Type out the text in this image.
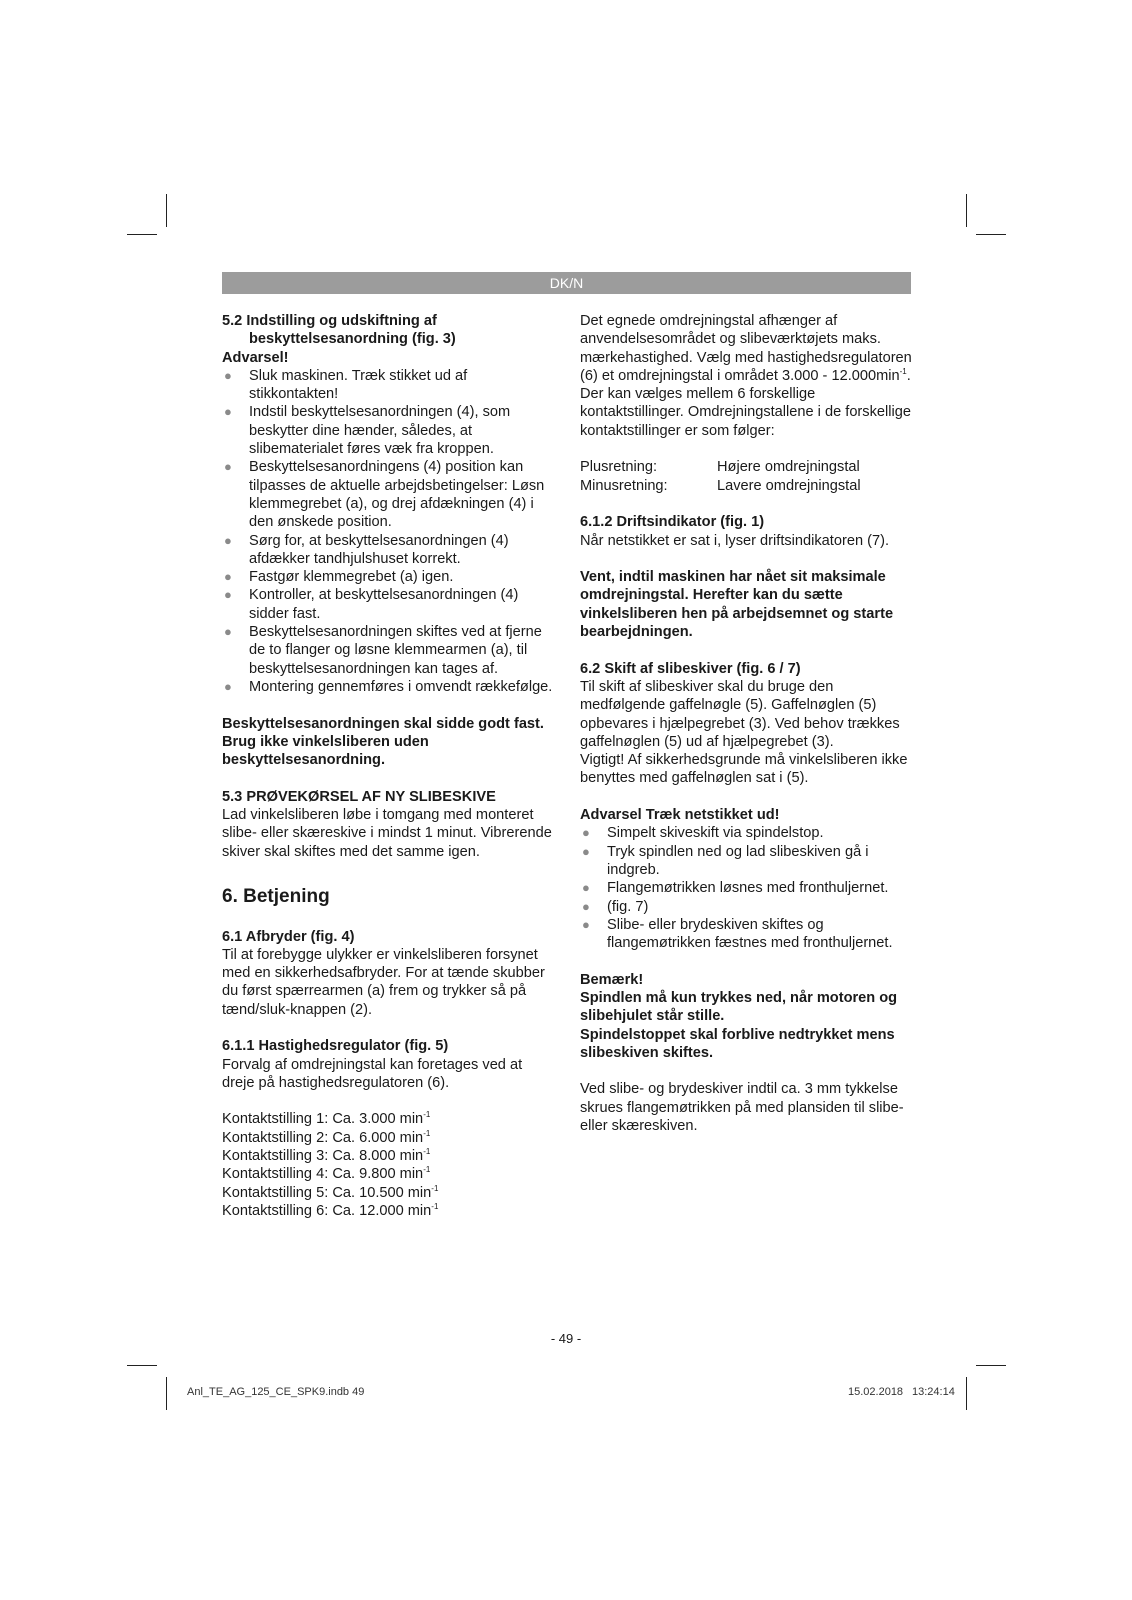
DK/N

5.2 Indstilling og udskiftning af

beskyttelsesanordning (fig. 3)

Advarsel!

● Sluk maskinen. Træk stikket ud af stikkontakten!
● Indstil beskyttelsesanordningen (4), som beskytter dine hænder, således, at slibematerialet føres væk fra kroppen.
● Beskyttelsesanordningens (4) position kan tilpasses de aktuelle arbejdsbetingelser: Løsn klemmegrebet (a), og drej afdækningen (4) i den ønskede position.
● Sørg for, at beskyttelsesanordningen (4) afdækker tandhjulshuset korrekt.
● Fastgør klemmegrebet (a) igen.
● Kontroller, at beskyttelsesanordningen (4) sidder fast.
● Beskyttelsesanordningen skiftes ved at fjerne de to flanger og løsne klemmearmen (a), til beskyttelsesanordningen kan tages af.
● Montering gennemføres i omvendt rækkefølge.

Beskyttelsesanordningen skal sidde godt fast.

Brug ikke vinkelsliberen uden beskyttelsesanordning.

5.3 PRØVEKØRSEL AF NY SLIBESKIVE

Lad vinkelsliberen løbe i tomgang med monteret slibe- eller skæreskive i mindst 1 minut. Vibrerende skiver skal skiftes med det samme igen.

6. Betjening

6.1 Afbryder (fig. 4)

Til at forebygge ulykker er vinkelsliberen forsynet med en sikkerhedsafbryder. For at tænde skubber du først spærrearmen (a) frem og trykker så på tænd/sluk-knappen (2).

6.1.1 Hastighedsregulator (fig. 5)

Forvalg af omdrejningstal kan foretages ved at dreje på hastighedsregulatoren (6).

Kontaktstilling 1: Ca. 3.000 $\min^{-1}$

Kontaktstilling 2: Ca. 6.000 $\min^{-1}$

Kontaktstilling 3: Ca. 8.000 $\min^{-1}$

Kontaktstilling 4: Ca. 9.800 $\min^{-1}$

Kontaktstilling 5: Ca. 10.500 $\min^{-1}$

Kontaktstilling 6: Ca. 12.000 $\min^{-1}$

Det egnede omdrejningstal afhænger af anvendelsesområdet og slibeværktøjets maks. mærkehastighed. Vælg med hastighedsregulatoren (6) et omdrejningstal i området $3.000 - 12.000\min^{-1}$. Der kan vælges mellem 6 forskellige kontaktstillinger. Omdrejningstallene i de forskellige kontaktstillinger er som følger:

Plusretning:	Højere omdrejningstal
Minusretning:	Lavere omdrejningstal

6.1.2 Driftsindikator (fig. 1)

Når netstikket er sat i, lyser driftsindikatoren (7).

Vent, indtil maskinen har nået sit maksimale omdrejningstal. Herefter kan du sætte vinkelsliberen hen på arbejdsemnet og starte bearbejdningen.

6.2 Skift af slibeskiver (fig. 6 / 7)

Til skift af slibeskiver skal du bruge den medfølgende gaffelnøgle (5). Gaffelnøglen (5) opbevares i hjælpegrebet (3). Ved behov trækkes gaffelnøglen (5) ud af hjælpegrebet (3).

Vigtigt! Af sikkerhedsgrunde må vinkelsliberen ikke benyttes med gaffelnøglen sat i (5).

Advarsel Træk netstikket ud!

● Simpelt skiveskift via spindelstop.
● Tryk spindlen ned og lad slibeskiven gå i indgreb.
● Flangemøtrikken løsnes med fronthuljernet.
● (fig. 7)
● Slibe- eller brydeskiven skiftes og flangemøtrikken fæstnes med fronthuljernet.

Bemærk!

Spindlen må kun trykkes ned, når motoren og slibehjulet står stille.

Spindelstoppet skal forblive nedtrykket mens slibeskiven skiftes.

Ved slibe- og brydeskiver indtil ca. 3 mm tykkelse skrues flangemøtrikken på med plansiden til slibe- eller skæreskiven.

- 49 -
Anl_TE_AG_125_CE_SPK9.indb 49	15.02.2018 13:24:14
